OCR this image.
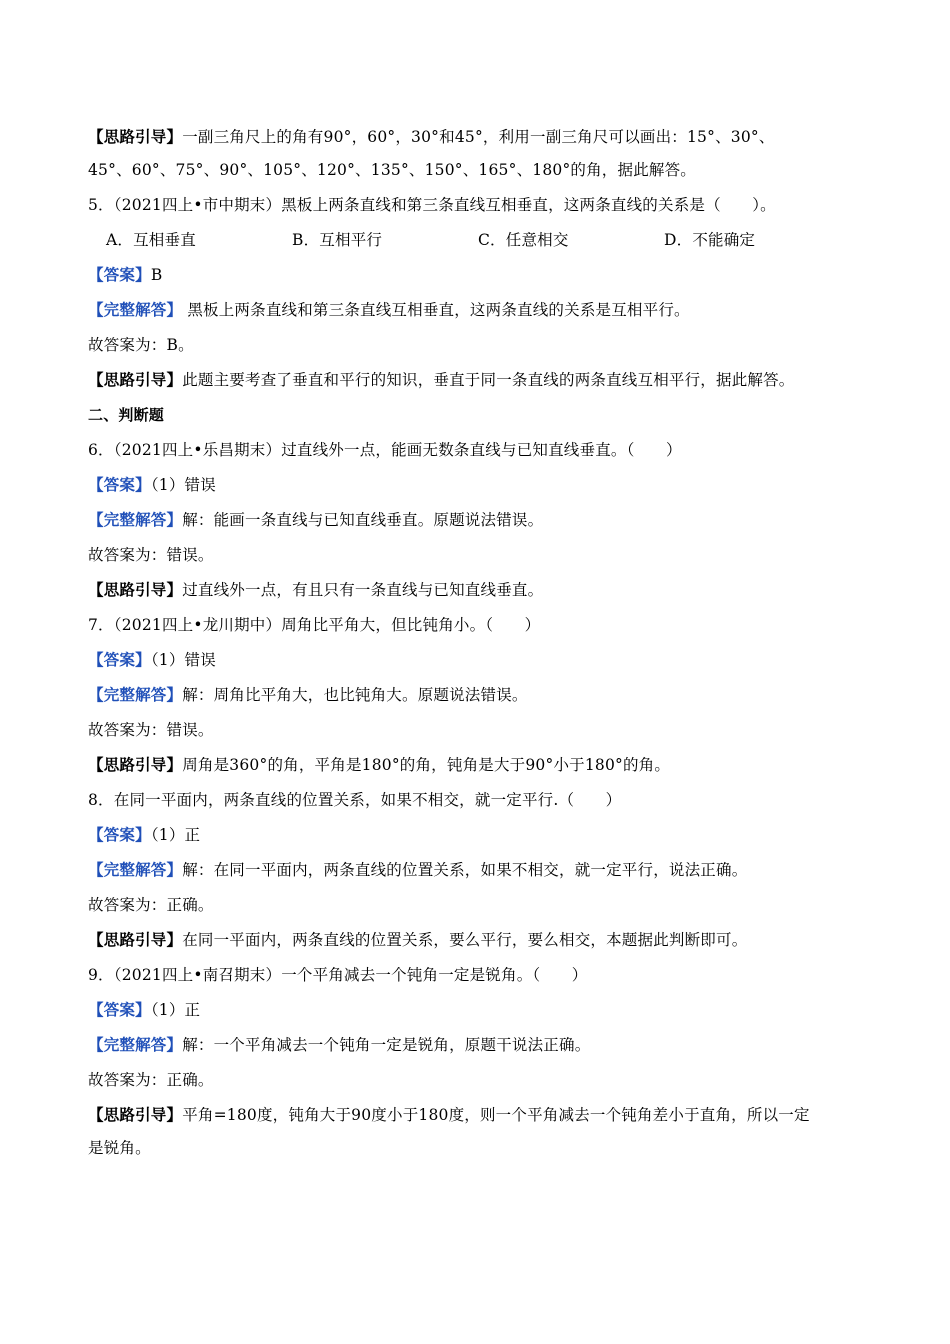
【思路引导】一副三角尺上的角有90°，60°，30°和45°，利用一副三角尺可以画出：15°、30°、
45°、60°、75°、90°、105°、120°、135°、150°、165°、180°的角，据此解答。
5．（2021四上•市中期末）黑板上两条直线和第三条直线互相垂直，这两条直线的关系是（　　）。
A．互相垂直	B．互相平行	C．任意相交	D．不能确定
【答案】B
【完整解答】 黑板上两条直线和第三条直线互相垂直，这两条直线的关系是互相平行。
故答案为：B。
【思路引导】此题主要考查了垂直和平行的知识，垂直于同一条直线的两条直线互相平行，据此解答。
二、判断题
6．（2021四上•乐昌期末）过直线外一点，能画无数条直线与已知直线垂直。（　　）
【答案】（1）错误
【完整解答】解：能画一条直线与已知直线垂直。原题说法错误。
故答案为：错误。
【思路引导】过直线外一点，有且只有一条直线与已知直线垂直。
7．（2021四上•龙川期中）周角比平角大，但比钝角小。（　　）
【答案】（1）错误
【完整解答】解：周角比平角大，也比钝角大。原题说法错误。
故答案为：错误。
【思路引导】周角是360°的角，平角是180°的角，钝角是大于90°小于180°的角。
8．在同一平面内，两条直线的位置关系，如果不相交，就一定平行.（　　）
【答案】（1）正
【完整解答】解：在同一平面内，两条直线的位置关系，如果不相交，就一定平行，说法正确。
故答案为：正确。
【思路引导】在同一平面内，两条直线的位置关系，要么平行，要么相交，本题据此判断即可。
9．（2021四上•南召期末）一个平角减去一个钝角一定是锐角。（　　）
【答案】（1）正
【完整解答】解：一个平角减去一个钝角一定是锐角，原题干说法正确。
故答案为：正确。
【思路引导】平角=180度，钝角大于90度小于180度，则一个平角减去一个钝角差小于直角，所以一定
是锐角。
